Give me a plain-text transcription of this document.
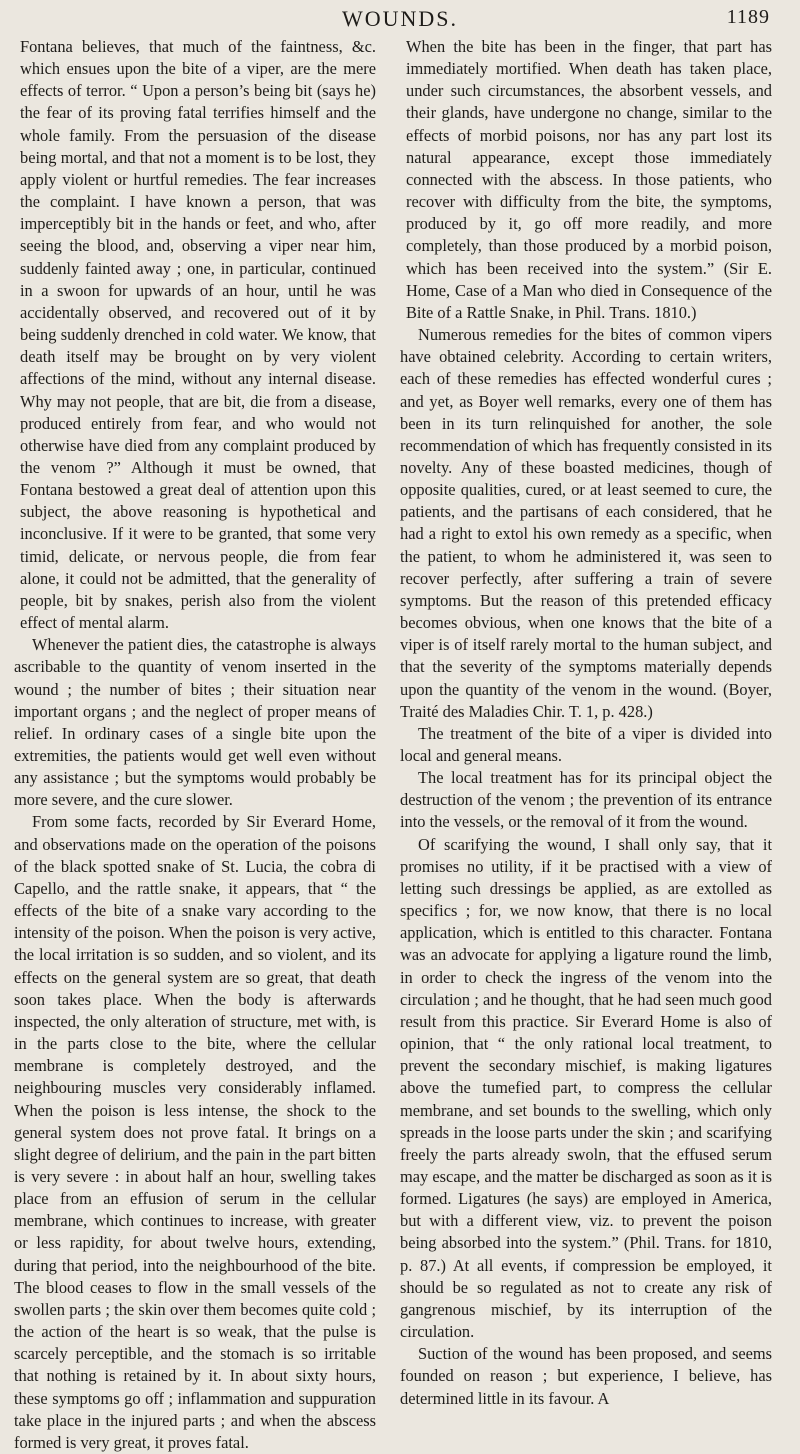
WOUNDS.	1189

Fontana believes, that much of the faintness, &c. which ensues upon the bite of a viper, are the mere effects of terror. “ Upon a person’s being bit (says he) the fear of its proving fatal terrifies himself and the whole family. From the persuasion of the disease being mortal, and that not a moment is to be lost, they apply violent or hurtful remedies. The fear increases the complaint. I have known a person, that was imperceptibly bit in the hands or feet, and who, after seeing the blood, and, observing a viper near him, suddenly fainted away ; one, in particular, continued in a swoon for upwards of an hour, until he was accidentally observed, and recovered out of it by being suddenly drenched in cold water. We know, that death itself may be brought on by very violent affections of the mind, without any internal disease. Why may not people, that are bit, die from a disease, produced entirely from fear, and who would not otherwise have died from any complaint produced by the venom ?” Although it must be owned, that Fontana bestowed a great deal of attention upon this subject, the above reasoning is hypothetical and inconclusive. If it were to be granted, that some very timid, delicate, or nervous people, die from fear alone, it could not be admitted, that the generality of people, bit by snakes, perish also from the violent effect of mental alarm.

Whenever the patient dies, the catastrophe is always ascribable to the quantity of venom inserted in the wound ; the number of bites ; their situation near important organs ; and the neglect of proper means of relief. In ordinary cases of a single bite upon the extremities, the patients would get well even without any assistance ; but the symptoms would probably be more severe, and the cure slower.

From some facts, recorded by Sir Everard Home, and observations made on the operation of the poisons of the black spotted snake of St. Lucia, the cobra di Capello, and the rattle snake, it appears, that “ the effects of the bite of a snake vary according to the intensity of the poison. When the poison is very active, the local irritation is so sudden, and so violent, and its effects on the general system are so great, that death soon takes place. When the body is afterwards inspected, the only alteration of structure, met with, is in the parts close to the bite, where the cellular membrane is completely destroyed, and the neighbouring muscles very considerably inflamed. When the poison is less intense, the shock to the general system does not prove fatal. It brings on a slight degree of delirium, and the pain in the part bitten is very severe : in about half an hour, swelling takes place from an effusion of serum in the cellular membrane, which continues to increase, with greater or less rapidity, for about twelve hours, extending, during that period, into the neighbourhood of the bite. The blood ceases to flow in the small vessels of the swollen parts ; the skin over them becomes quite cold ; the action of the heart is so weak, that the pulse is scarcely perceptible, and the stomach is so irritable that nothing is retained by it. In about sixty hours, these symptoms go off ; inflammation and suppuration take place in the injured parts ; and when the abscess formed is very great, it proves fatal.

When the bite has been in the finger, that part has immediately mortified. When death has taken place, under such circumstances, the absorbent vessels, and their glands, have undergone no change, similar to the effects of morbid poisons, nor has any part lost its natural appearance, except those immediately connected with the abscess. In those patients, who recover with difficulty from the bite, the symptoms, produced by it, go off more readily, and more completely, than those produced by a morbid poison, which has been received into the system.” (Sir E. Home, Case of a Man who died in Consequence of the Bite of a Rattle Snake, in Phil. Trans. 1810.)

Numerous remedies for the bites of common vipers have obtained celebrity. According to certain writers, each of these remedies has effected wonderful cures ; and yet, as Boyer well remarks, every one of them has been in its turn relinquished for another, the sole recommendation of which has frequently consisted in its novelty. Any of these boasted medicines, though of opposite qualities, cured, or at least seemed to cure, the patients, and the partisans of each considered, that he had a right to extol his own remedy as a specific, when the patient, to whom he administered it, was seen to recover perfectly, after suffering a train of severe symptoms. But the reason of this pretended efficacy becomes obvious, when one knows that the bite of a viper is of itself rarely mortal to the human subject, and that the severity of the symptoms materially depends upon the quantity of the venom in the wound. (Boyer, Traité des Maladies Chir. T. 1, p. 428.)

The treatment of the bite of a viper is divided into local and general means.

The local treatment has for its principal object the destruction of the venom ; the prevention of its entrance into the vessels, or the removal of it from the wound.

Of scarifying the wound, I shall only say, that it promises no utility, if it be practised with a view of letting such dressings be applied, as are extolled as specifics ; for, we now know, that there is no local application, which is entitled to this character. Fontana was an advocate for applying a ligature round the limb, in order to check the ingress of the venom into the circulation ; and he thought, that he had seen much good result from this practice. Sir Everard Home is also of opinion, that “ the only rational local treatment, to prevent the secondary mischief, is making ligatures above the tumefied part, to compress the cellular membrane, and set bounds to the swelling, which only spreads in the loose parts under the skin ; and scarifying freely the parts already swoln, that the effused serum may escape, and the matter be discharged as soon as it is formed. Ligatures (he says) are employed in America, but with a different view, viz. to prevent the poison being absorbed into the system.” (Phil. Trans. for 1810, p. 87.) At all events, if compression be employed, it should be so regulated as not to create any risk of gangrenous mischief, by its interruption of the circulation.

Suction of the wound has been proposed, and seems founded on reason ; but experience, I believe, has determined little in its favour. A
